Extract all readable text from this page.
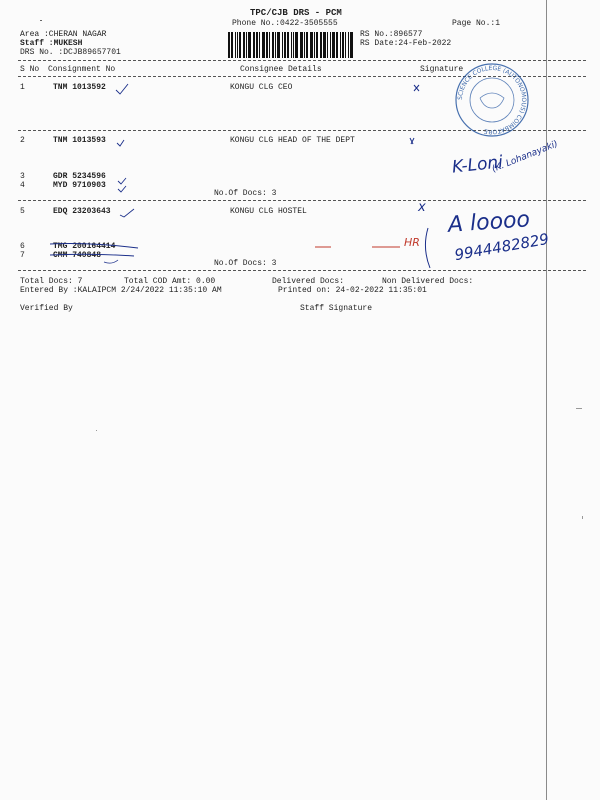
TPC/CJB DRS - PCM
Phone No.:0422-3505555	Page No.:1
Area :CHERAN NAGAR
Staff :MUKESH
DRS No. :DCJB89657701
RS No.:896577
RS Date:24-Feb-2022
S No Consignment No	Consignee Details	Signature
1	TNM 1013592	KONGU CLG CEO
2	TNM 1013593	KONGU CLG HEAD OF THE DEPT
3	GDR 5234596
4	MYD 9710903
No.Of Docs: 3
5	EDQ 23203643	KONGU CLG HOSTEL
6	TMG 200164414
7	CMM 740848
No.Of Docs: 3
Total Docs: 7	Total COD Amt: 0.00	Delivered Docs:	Non Delivered Docs:
Entered By :KALAIPCM 2/24/2022 11:35:10 AM	Printed on: 24-02-2022 11:35:01
Verified By	Staff Signature
K-Loni
(K. Lohanayaki)
HR
x A loooo
9944482829
SCIENCE COLLEGE (AUTONOMOUS) COIMBATORE
